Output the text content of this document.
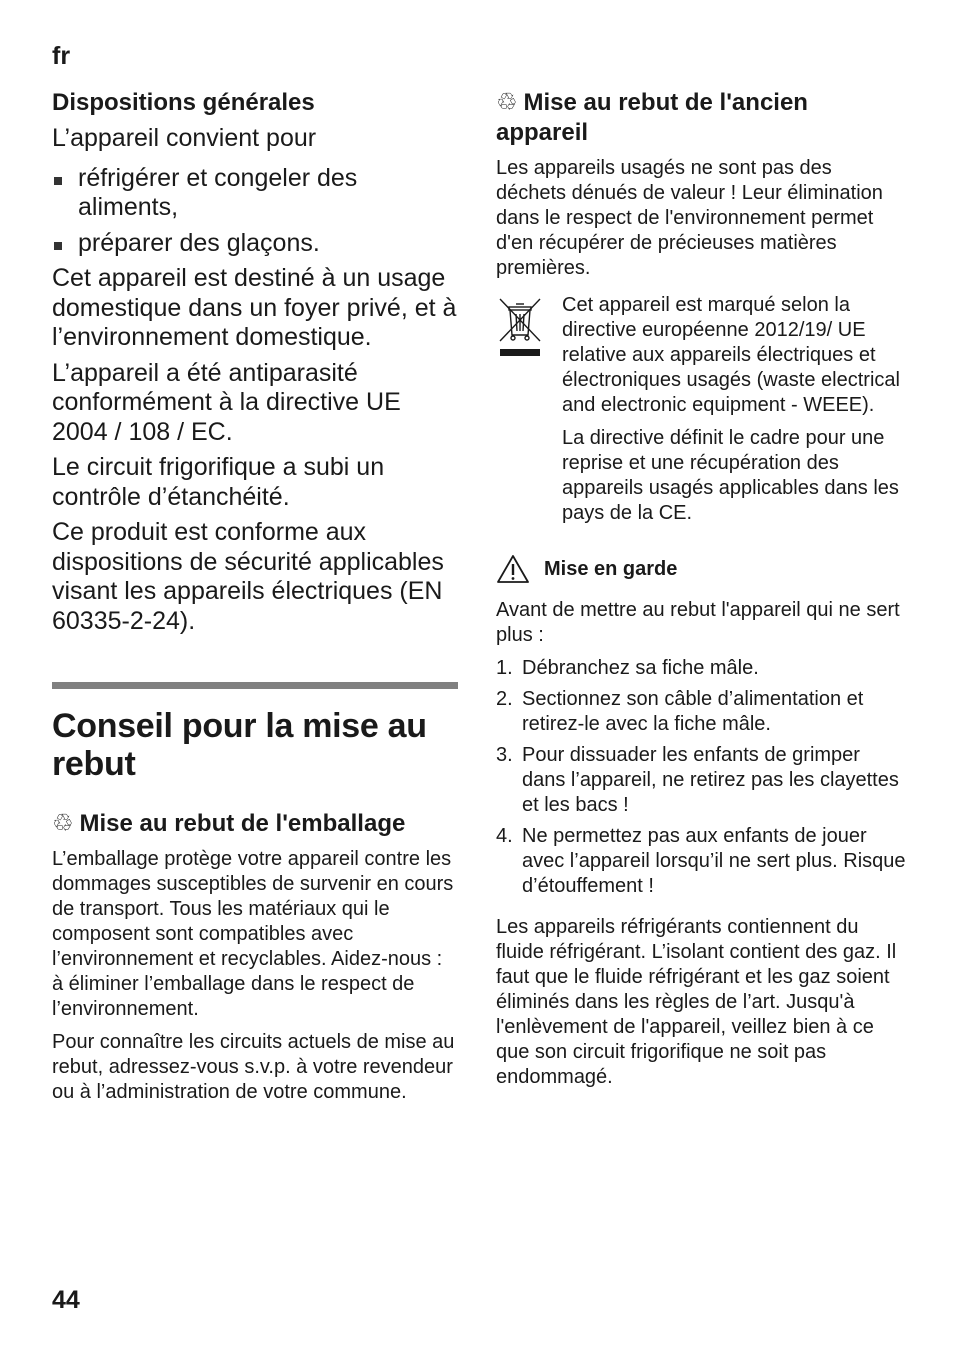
fr
Dispositions générales

L’appareil convient pour

réfrigérer et congeler des aliments,
préparer des glaçons.

Cet appareil est destiné à un usage domestique dans un foyer privé, et à l’environnement domestique.

L’appareil a été antiparasité conformément à la directive UE 2004 / 108 / EC.

Le circuit frigorifique a subi un contrôle d’étanchéité.

Ce produit est conforme aux dispositions de sécurité applicables visant les appareils électriques (EN 60335-2-24).

Conseil pour la mise au rebut
♲ Mise au rebut de l'emballage

L’emballage protège votre appareil contre les dommages susceptibles de survenir en cours de transport. Tous les matériaux qui le composent sont compatibles avec l’environnement et recyclables. Aidez-nous : à éliminer l’emballage dans le respect de l’environnement.

Pour connaître les circuits actuels de mise au rebut, adressez-vous s.v.p. à votre revendeur ou à l’administration de votre commune.

♲ Mise au rebut de l'ancien appareil

Les appareils usagés ne sont pas des déchets dénués de valeur ! Leur élimination dans le respect de l'environnement permet d'en récupérer de précieuses matières premières.

Cet appareil est marqué selon la directive européenne 2012/19/ UE relative aux appareils électriques et électroniques usagés (waste electrical and electronic equipment - WEEE).

La directive définit le cadre pour une reprise et une récupération des appareils usagés applicables dans les pays de la CE.

Mise en garde

Avant de mettre au rebut l'appareil qui ne sert plus :

1. Débranchez sa fiche mâle.
2. Sectionnez son câble d’alimentation et retirez-le avec la fiche mâle.
3. Pour dissuader les enfants de grimper dans l’appareil, ne retirez pas les clayettes et les bacs !
4. Ne permettez pas aux enfants de jouer avec l’appareil lorsqu’il ne sert plus. Risque d’étouffement !

Les appareils réfrigérants contiennent du fluide réfrigérant. L’isolant contient des gaz. Il faut que le fluide réfrigérant et les gaz soient éliminés dans les règles de l’art. Jusqu'à l'enlèvement de l'appareil, veillez bien à ce que son circuit frigorifique ne soit pas endommagé.

44
